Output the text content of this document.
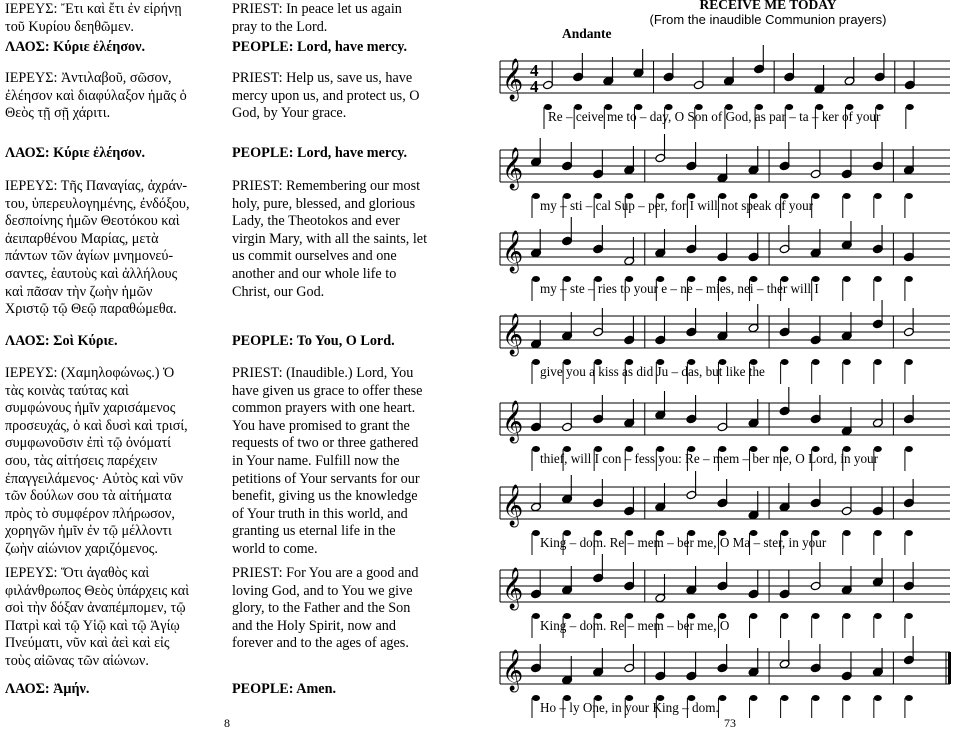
ΙΕΡΕΥΣ: Ἔτι καὶ ἔτι ἐν εἰρήνῃ
τοῦ Κυρίου δεηθῶμεν.

ΛΑΟΣ: Κύριε ἐλέησον.

ΙΕΡΕΥΣ: Ἀντιλαβοῦ, σῶσον,
ἐλέησον καὶ διαφύλαξον ἡμᾶς ὁ
Θεὸς τῇ σῇ χάριτι.

ΛΑΟΣ: Κύριε ἐλέησον.

ΙΕΡΕΥΣ: Τῆς Παναγίας, ἀχράν-
του, ὑπερευλογημένης, ἐνδόξου,
δεσποίνης ἡμῶν Θεοτόκου καὶ
ἀειπαρθένου Μαρίας, μετὰ
πάντων τῶν ἁγίων μνημονεύ-
σαντες, ἑαυτοὺς καὶ ἀλλήλους
καὶ πᾶσαν τὴν ζωὴν ἡμῶν
Χριστῷ τῷ Θεῷ παραθώμεθα.

ΛΑΟΣ: Σοὶ Κύριε.

ΙΕΡΕΥΣ: (Χαμηλοφώνως.) Ὁ
τὰς κοινὰς ταύτας καὶ
συμφώνους ἡμῖν χαρισάμενος
προσευχάς, ὁ καὶ δυσὶ καὶ τρισί,
συμφωνοῦσιν ἐπὶ τῷ ὀνόματί
σου, τὰς αἰτήσεις παρέχειν
ἐπαγγειλάμενος· Αὐτὸς καὶ νῦν
τῶν δούλων σου τὰ αἰτήματα
πρὸς τὸ συμφέρον πλήρωσον,
χορηγῶν ἡμῖν ἐν τῷ μέλλοντι
ζωὴν αἰώνιον χαριζόμενος.

ΙΕΡΕΥΣ: Ὅτι ἀγαθὸς καὶ
φιλάνθρωπος Θεὸς ὑπάρχεις καὶ
σοὶ τὴν δόξαν ἀναπέμπομεν, τῷ
Πατρὶ καὶ τῷ Υἱῷ καὶ τῷ Ἁγίῳ
Πνεύματι, νῦν καὶ ἀεὶ καὶ εἰς
τοὺς αἰῶνας τῶν αἰώνων.

ΛΑΟΣ: Ἀμήν.

PRIEST: In peace let us again
pray to the Lord.

PEOPLE: Lord, have mercy.

PRIEST: Help us, save us, have
mercy upon us, and protect us, O
God, by Your grace.

PEOPLE: Lord, have mercy.

PRIEST: Remembering our most
holy, pure, blessed, and glorious
Lady, the Theotokos and ever
virgin Mary, with all the saints, let
us commit ourselves and one
another and our whole life to
Christ, our God.

PEOPLE: To You, O Lord.

PRIEST: (Inaudible.) Lord, You
have given us grace to offer these
common prayers with one heart.
You have promised to grant the
requests of two or three gathered
in Your name. Fulfill now the
petitions of Your servants for our
benefit, giving us the knowledge
of Your truth in this world, and
granting us eternal life in the
world to come.

PRIEST: For You are a good and
loving God, and to You we give
glory, to the Father and the Son
and the Holy Spirit, now and
forever and to the ages of ages.

PEOPLE: Amen.

8	73
RECEIVE ME TODAY
(From the inaudible Communion prayers)
Andante
𝄞 4
4
𝄞
𝄞
𝄞
𝄞
𝄞
𝄞
𝄞
Re – ceive me to – day, O Son of God, as par – ta – ker of your
my – sti – cal Sup – per, for I will not speak of your
my – ste – ries to your e – ne – mies, nei – ther will I
give you a kiss as did Ju – das, but like the
thief, will I con – fess you: Re – mem – ber me, O Lord, in your
King – dom. Re – mem – ber me, O Ma – ster, in your
King – dom. Re – mem – ber me, O
Ho – ly One, in your King – dom.
